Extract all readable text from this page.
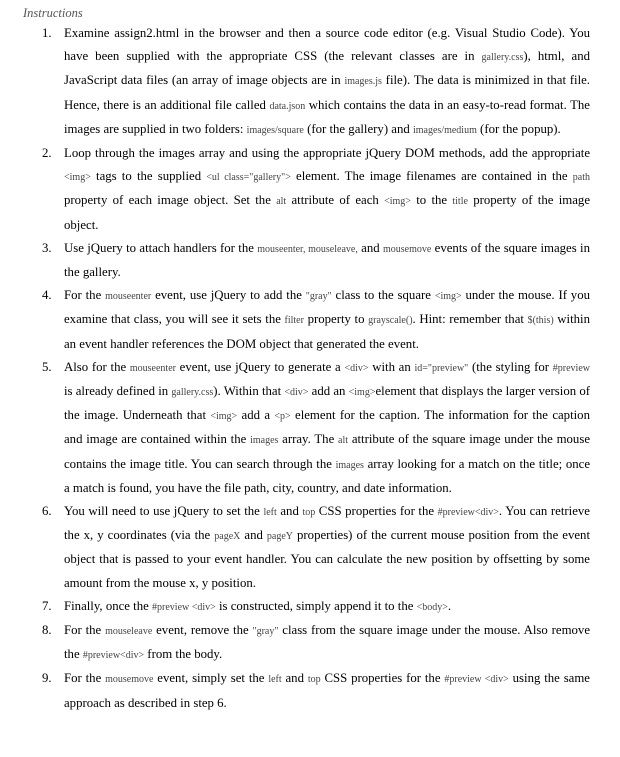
Instructions
1. Examine assign2.html in the browser and then a source code editor (e.g. Visual Studio Code). You have been supplied with the appropriate CSS (the relevant classes are in gallery.css), html, and JavaScript data files (an array of image objects are in images.js file). The data is minimized in that file. Hence, there is an additional file called data.json which contains the data in an easy-to-read format. The images are supplied in two folders: images/square (for the gallery) and images/medium (for the popup).
2. Loop through the images array and using the appropriate jQuery DOM methods, add the appropriate <img> tags to the supplied <ul class="gallery"> element. The image filenames are contained in the path property of each image object. Set the alt attribute of each <img> to the title property of the image object.
3. Use jQuery to attach handlers for the mouseenter, mouseleave, and mousemove events of the square images in the gallery.
4. For the mouseenter event, use jQuery to add the "gray" class to the square <img> under the mouse. If you examine that class, you will see it sets the filter property to grayscale(). Hint: remember that $(this) within an event handler references the DOM object that generated the event.
5. Also for the mouseenter event, use jQuery to generate a <div> with an id="preview" (the styling for #preview is already defined in gallery.css). Within that <div> add an <img>element that displays the larger version of the image. Underneath that <img> add a <p> element for the caption. The information for the caption and image are contained within the images array. The alt attribute of the square image under the mouse contains the image title. You can search through the images array looking for a match on the title; once a match is found, you have the file path, city, country, and date information.
6. You will need to use jQuery to set the left and top CSS properties for the #preview<div>. You can retrieve the x, y coordinates (via the pageX and pageY properties) of the current mouse position from the event object that is passed to your event handler. You can calculate the new position by offsetting by some amount from the mouse x, y position.
7. Finally, once the #preview <div> is constructed, simply append it to the <body>.
8. For the mouseleave event, remove the "gray" class from the square image under the mouse. Also remove the #preview<div> from the body.
9. For the mousemove event, simply set the left and top CSS properties for the #preview <div> using the same approach as described in step 6.
